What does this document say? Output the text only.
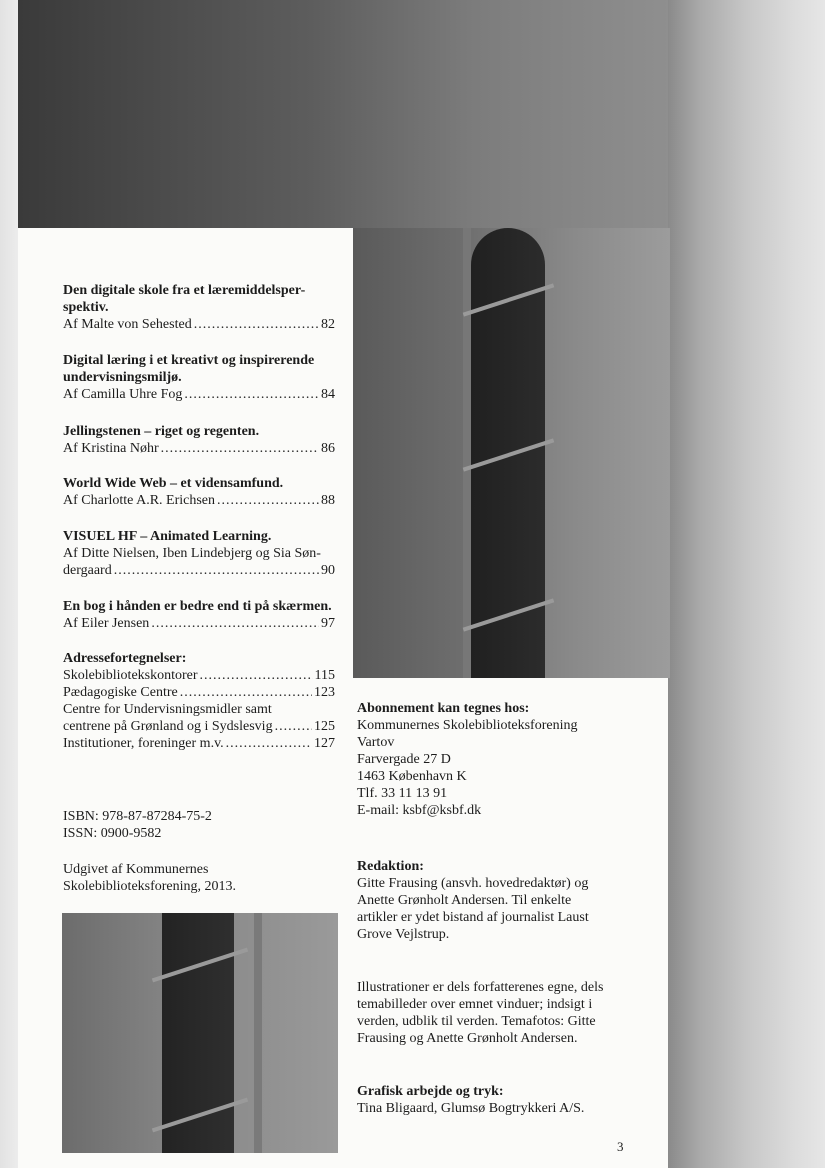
Den digitale skole fra et læremiddelsper-
spektiv.
Af Malte von Sehested .....	82
Digital læring i et kreativt og inspirerende
undervisningsmiljø.
Af Camilla Uhre Fog .....	84
Jellingstenen – riget og regenten.
Af Kristina Nøhr .....	86
World Wide Web – et vidensamfund.
Af Charlotte A.R. Erichsen .....	88
VISUEL HF – Animated Learning.
Af Ditte Nielsen, Iben Lindebjerg og Sia Søn-
dergaard .....	90
En bog i hånden er bedre end ti på skærmen.
Af Eiler Jensen .....	97
Adressefortegnelser:
Skolebibliotekskontorer .....	115
Pædagogiske Centre .....	123
Centre for Undervisningsmidler samt
centrene på Grønland og i Sydslesvig .....	125
Institutioner, foreninger m.v. .....	127
ISBN: 978-87-87284-75-2
ISSN: 0900-9582
Udgivet af Kommunernes
Skolebiblioteksforening, 2013.
Abonnement kan tegnes hos:
Kommunernes Skolebiblioteksforening
Vartov
Farvergade 27 D
1463 København K
Tlf. 33 11 13 91
E-mail: ksbf@ksbf.dk
Redaktion:
Gitte Frausing (ansvh. hovedredaktør) og
Anette Grønholt Andersen. Til enkelte
artikler er ydet bistand af journalist Laust
Grove Vejlstrup.
Illustrationer er dels forfatterenes egne, dels
temabilleder over emnet vinduer; indsigt i
verden, udblik til verden. Temafotos: Gitte
Frausing og Anette Grønholt Andersen.
Grafisk arbejde og tryk:
Tina Bligaard, Glumsø Bogtrykkeri A/S.
3
